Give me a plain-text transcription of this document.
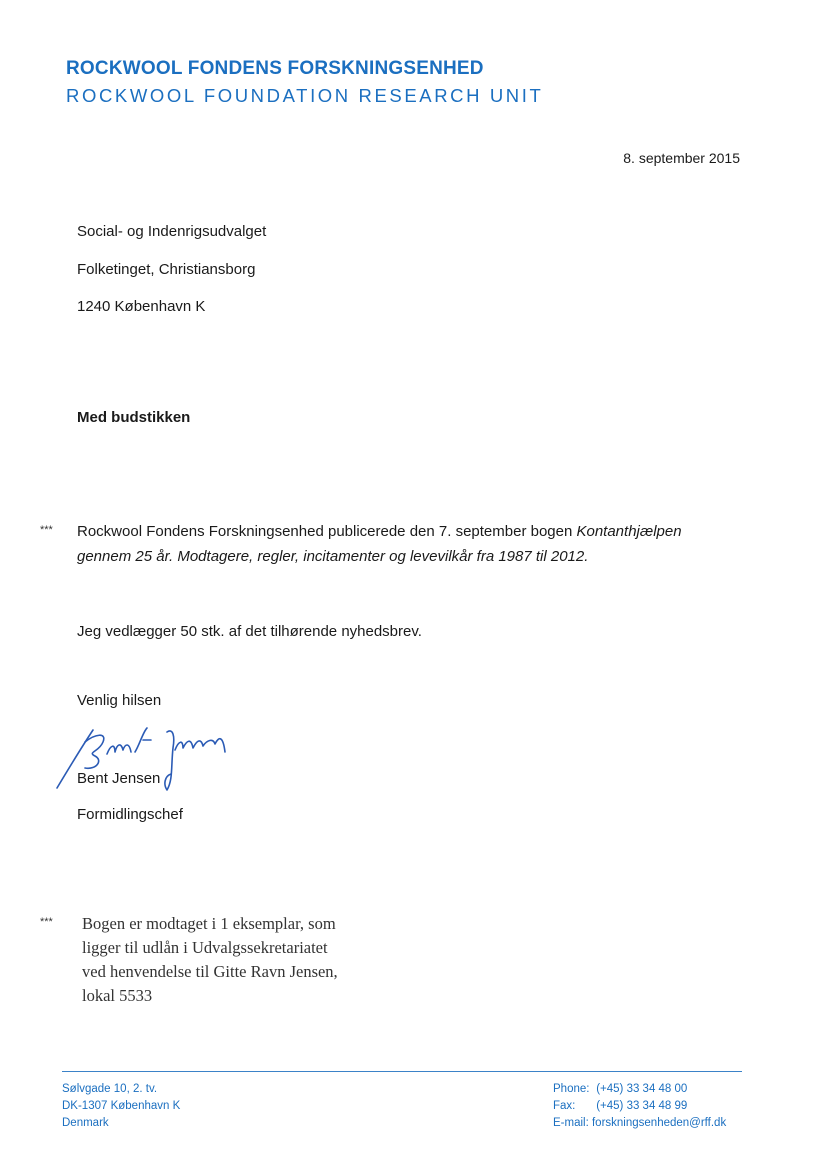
ROCKWOOL FONDENS FORSKNINGSENHED
ROCKWOOL FOUNDATION RESEARCH UNIT
8. september 2015
Social- og Indenrigsudvalget
Folketinget, Christiansborg
1240 København K
Med budstikken
*** Rockwool Fondens Forskningsenhed publicerede den 7. september bogen Kontanthjælpen
gennem 25 år. Modtagere, regler, incitamenter og levevilkår fra 1987 til 2012.
Jeg vedlægger 50 stk. af det tilhørende nyhedsbrev.
Venlig hilsen
Bent Jensen
Formidlingschef
*** Bogen er modtaget i 1 eksemplar, som
ligger til udlån i Udvalgssekretariatet
ved henvendelse til Gitte Ravn Jensen,
lokal 5533
Sølvgade 10, 2. tv.
DK-1307 København K
Denmark
Phone: (+45) 33 34 48 00
Fax: (+45) 33 34 48 99
E-mail: forskningsenheden@rff.dk
